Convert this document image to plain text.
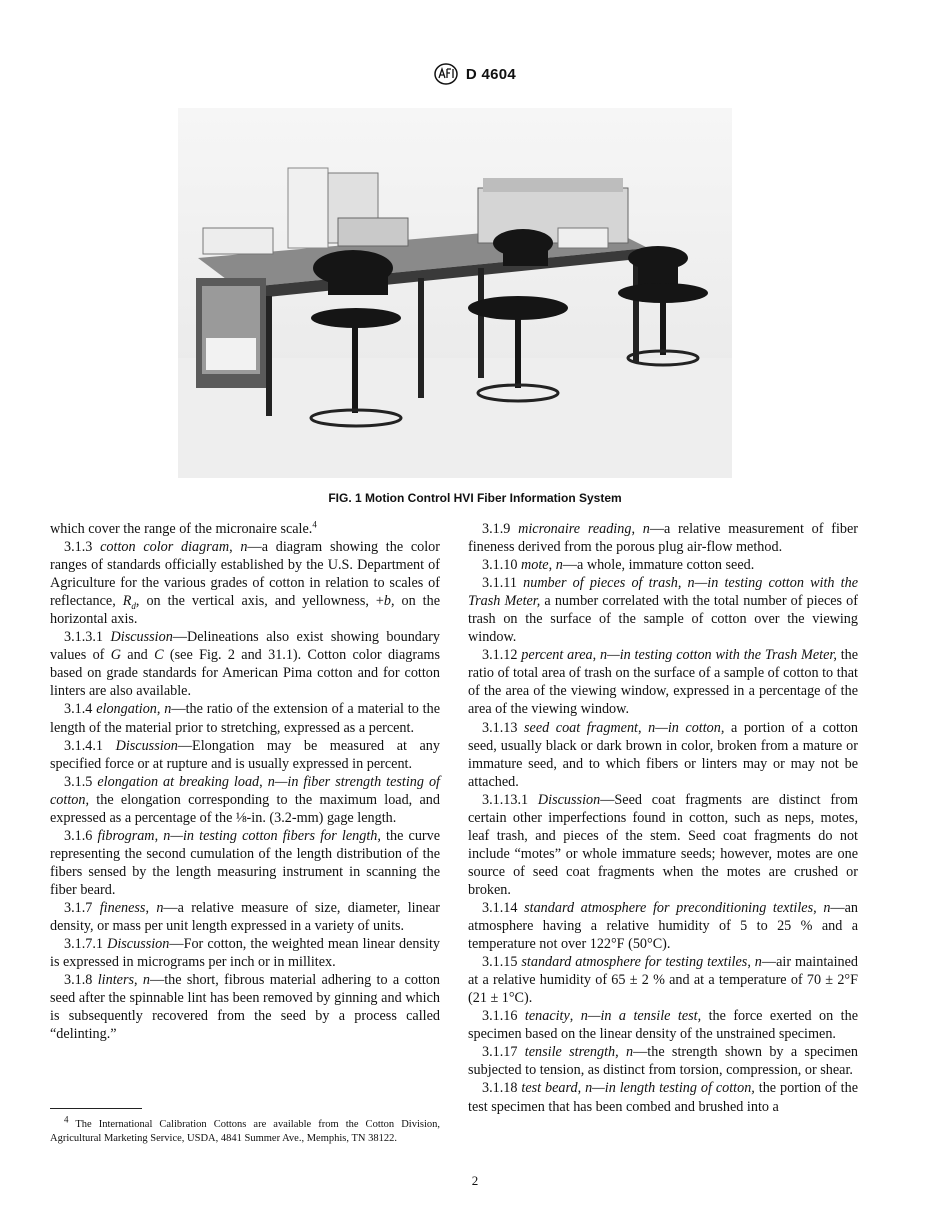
D 4604
FIG. 1 Motion Control HVI Fiber Information System

which cover the range of the micronaire scale.$^4$

3.1.3 cotton color diagram, n—a diagram showing the color ranges of standards officially established by the U.S. Department of Agriculture for the various grades of cotton in relation to scales of reflectance, $R_d$, on the vertical axis, and yellowness, +b, on the horizontal axis.

3.1.3.1 Discussion—Delineations also exist showing boundary values of G and C (see Fig. 2 and 31.1). Cotton color diagrams based on grade standards for American Pima cotton and for cotton linters are also available.

3.1.4 elongation, n—the ratio of the extension of a material to the length of the material prior to stretching, expressed as a percent.

3.1.4.1 Discussion—Elongation may be measured at any specified force or at rupture and is usually expressed in percent.

3.1.5 elongation at breaking load, n—in fiber strength testing of cotton, the elongation corresponding to the maximum load, and expressed as a percentage of the ⅛-in. (3.2-mm) gage length.

3.1.6 fibrogram, n—in testing cotton fibers for length, the curve representing the second cumulation of the length distribution of the fibers sensed by the length measuring instrument in scanning the fiber beard.

3.1.7 fineness, n—a relative measure of size, diameter, linear density, or mass per unit length expressed in a variety of units.

3.1.7.1 Discussion—For cotton, the weighted mean linear density is expressed in micrograms per inch or in millitex.

3.1.8 linters, n—the short, fibrous material adhering to a cotton seed after the spinnable lint has been removed by ginning and which is subsequently recovered from the seed by a process called “delinting.”

3.1.9 micronaire reading, n—a relative measurement of fiber fineness derived from the porous plug air-flow method.

3.1.10 mote, n—a whole, immature cotton seed.

3.1.11 number of pieces of trash, n—in testing cotton with the Trash Meter, a number correlated with the total number of pieces of trash on the surface of the sample of cotton over the viewing window.

3.1.12 percent area, n—in testing cotton with the Trash Meter, the ratio of total area of trash on the surface of a sample of cotton to that of the area of the viewing window, expressed in a percentage of the area of the viewing window.

3.1.13 seed coat fragment, n—in cotton, a portion of a cotton seed, usually black or dark brown in color, broken from a mature or immature seed, and to which fibers or linters may or may not be attached.

3.1.13.1 Discussion—Seed coat fragments are distinct from certain other imperfections found in cotton, such as neps, motes, leaf trash, and pieces of the stem. Seed coat fragments do not include “motes” or whole immature seeds; however, motes are one source of seed coat fragments when the motes are crushed or broken.

3.1.14 standard atmosphere for preconditioning textiles, n—an atmosphere having a relative humidity of 5 to 25 % and a temperature not over 122°F (50°C).

3.1.15 standard atmosphere for testing textiles, n—air maintained at a relative humidity of 65 ± 2 % and at a temperature of 70 ± 2°F (21 ± 1°C).

3.1.16 tenacity, n—in a tensile test, the force exerted on the specimen based on the linear density of the unstrained specimen.

3.1.17 tensile strength, n—the strength shown by a specimen subjected to tension, as distinct from torsion, compression, or shear.

3.1.18 test beard, n—in length testing of cotton, the portion of the test specimen that has been combed and brushed into a

$^4$ The International Calibration Cottons are available from the Cotton Division, Agricultural Marketing Service, USDA, 4841 Summer Ave., Memphis, TN 38122.
2
